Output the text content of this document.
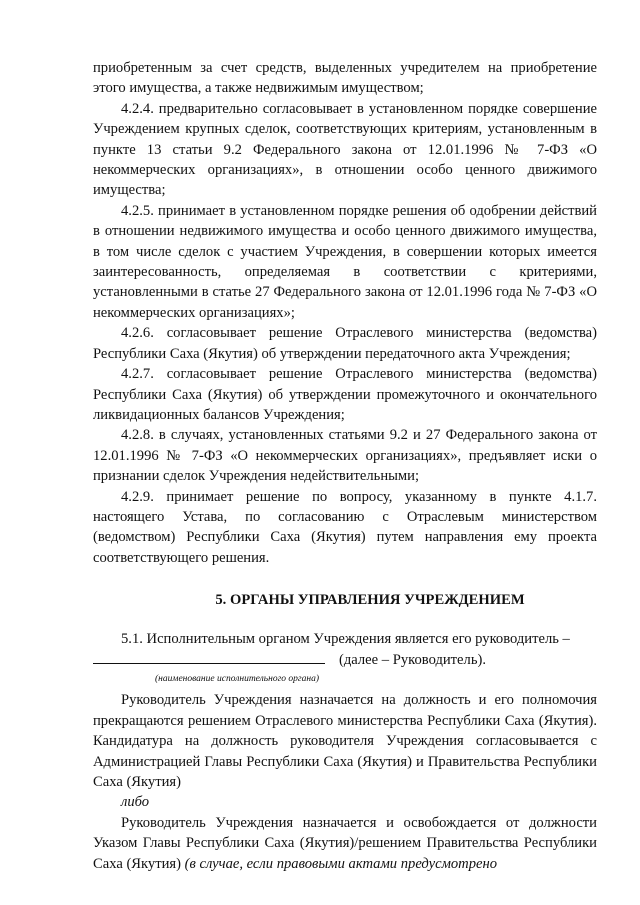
приобретенным за счет средств, выделенных учредителем на приобретение этого имущества, а также недвижимым имуществом;

4.2.4. предварительно согласовывает в установленном порядке совершение Учреждением крупных сделок, соответствующих критериям, установленным в пункте 13 статьи 9.2 Федерального закона от 12.01.1996 № 7-ФЗ «О некоммерческих организациях», в отношении особо ценного движимого имущества;

4.2.5. принимает в установленном порядке решения об одобрении действий в отношении недвижимого имущества и особо ценного движимого имущества, в том числе сделок с участием Учреждения, в совершении которых имеется заинтересованность, определяемая в соответствии с критериями, установленными в статье 27 Федерального закона от 12.01.1996 года № 7-ФЗ «О некоммерческих организациях»;

4.2.6. согласовывает решение Отраслевого министерства (ведомства) Республики Саха (Якутия) об утверждении передаточного акта Учреждения;

4.2.7. согласовывает решение Отраслевого министерства (ведомства) Республики Саха (Якутия) об утверждении промежуточного и окончательного ликвидационных балансов Учреждения;

4.2.8. в случаях, установленных статьями 9.2 и 27 Федерального закона от 12.01.1996 № 7-ФЗ «О некоммерческих организациях», предъявляет иски о признании сделок Учреждения недействительными;

4.2.9. принимает решение по вопросу, указанному в пункте 4.1.7. настоящего Устава, по согласованию с Отраслевым министерством (ведомством) Республики Саха (Якутия) путем направления ему проекта соответствующего решения.

5. ОРГАНЫ УПРАВЛЕНИЯ УЧРЕЖДЕНИЕМ

5.1. Исполнительным органом Учреждения является его руководитель –

(далее – Руководитель).

(наименование исполнительного органа)

Руководитель Учреждения назначается на должность и его полномочия прекращаются решением Отраслевого министерства Республики Саха (Якутия). Кандидатура на должность руководителя Учреждения согласовывается с Администрацией Главы Республики Саха (Якутия) и Правительства Республики Саха (Якутия)

либо

Руководитель Учреждения назначается и освобождается от должности Указом Главы Республики Саха (Якутия)/решением Правительства Республики Саха (Якутия) (в случае, если правовыми актами предусмотрено
